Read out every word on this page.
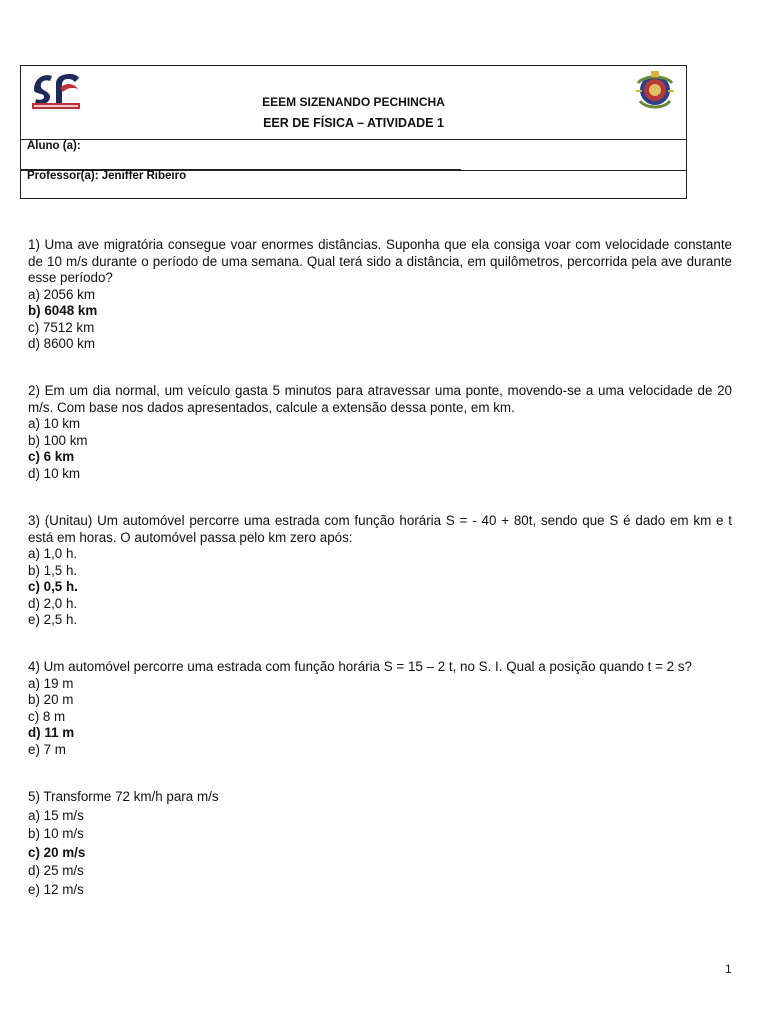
EEEM SIZENANDO PECHINCHA
EER DE FÍSICA – ATIVIDADE 1
Aluno (a):
Professor(a): Jeniffer Ribeiro

1) Uma ave migratória consegue voar enormes distâncias. Suponha que ela consiga voar com velocidade constante de 10 m/s durante o período de uma semana. Qual terá sido a distância, em quilômetros, percorrida pela ave durante esse período?

a) 2056 km

b) 6048 km

c) 7512 km

d) 8600 km

2) Em um dia normal, um veículo gasta 5 minutos para atravessar uma ponte, movendo-se a uma velocidade de 20 m/s. Com base nos dados apresentados, calcule a extensão dessa ponte, em km.

a) 10 km

b) 100 km

c) 6 km

d) 10 km

3) (Unitau) Um automóvel percorre uma estrada com função horária S = - 40 + 80t, sendo que S é dado em km e t está em horas. O automóvel passa pelo km zero após:

a) 1,0 h.

b) 1,5 h.

c) 0,5 h.

d) 2,0 h.

e) 2,5 h.

4) Um automóvel percorre uma estrada com função horária S = 15 – 2 t, no S. I. Qual a posição quando t = 2 s?

a) 19 m

b) 20 m

c) 8 m

d) 11 m

e) 7 m

5) Transforme 72 km/h para m/s

a) 15 m/s

b) 10 m/s

c) 20 m/s

d) 25 m/s

e) 12 m/s

1
